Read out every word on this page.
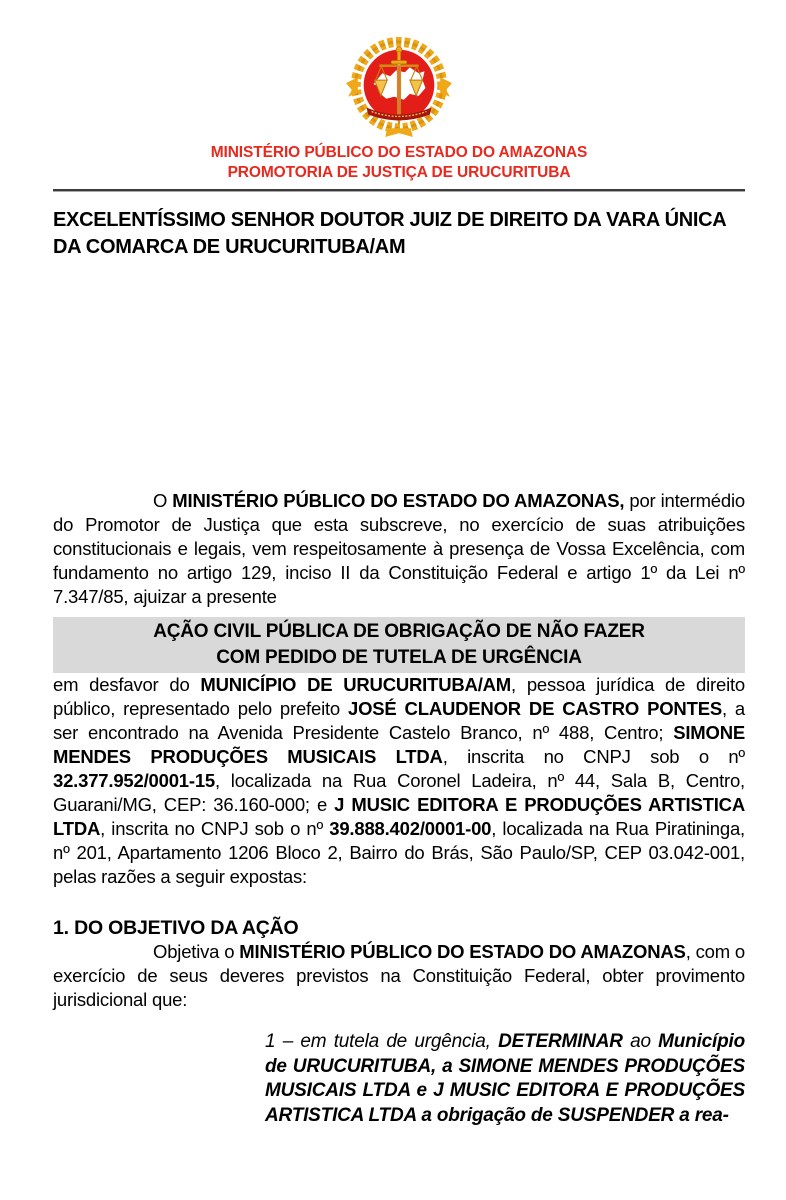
MINISTÉRIO PÚBLICO DO ESTADO DO AMAZONAS
PROMOTORIA DE JUSTIÇA DE URUCURITUBA
EXCELENTÍSSIMO SENHOR DOUTOR JUIZ DE DIREITO DA VARA ÚNICA DA COMARCA DE URUCURITUBA/AM

O MINISTÉRIO PÚBLICO DO ESTADO DO AMAZONAS, por intermédio do Promotor de Justiça que esta subscreve, no exercício de suas atribuições constitucionais e legais, vem respeitosamente à presença de Vossa Excelência, com fundamento no artigo 129, inciso II da Constituição Federal e artigo 1º da Lei nº 7.347/85, ajuizar a presente

AÇÃO CIVIL PÚBLICA DE OBRIGAÇÃO DE NÃO FAZER
COM PEDIDO DE TUTELA DE URGÊNCIA

em desfavor do MUNICÍPIO DE URUCURITUBA/AM, pessoa jurídica de direito público, representado pelo prefeito JOSÉ CLAUDENOR DE CASTRO PONTES, a ser encontrado na Avenida Presidente Castelo Branco, nº 488, Centro; SIMONE MENDES PRODUÇÕES MUSICAIS LTDA, inscrita no CNPJ sob o nº 32.377.952/0001-15, localizada na Rua Coronel Ladeira, nº 44, Sala B, Centro, Guarani/MG, CEP: 36.160-000; e J MUSIC EDITORA E PRODUÇÕES ARTISTICA LTDA, inscrita no CNPJ sob o nº 39.888.402/0001-00, localizada na Rua Piratininga, nº 201, Apartamento 1206 Bloco 2, Bairro do Brás, São Paulo/SP, CEP 03.042-001, pelas razões a seguir expostas:

1. DO OBJETIVO DA AÇÃO

Objetiva o MINISTÉRIO PÚBLICO DO ESTADO DO AMAZONAS, com o exercício de seus deveres previstos na Constituição Federal, obter provimento jurisdicional que:

1 – em tutela de urgência, DETERMINAR ao Município de URUCURITUBA, a SIMONE MENDES PRODUÇÕES MUSICAIS LTDA e J MUSIC EDITORA E PRODUÇÕES ARTISTICA LTDA a obrigação de SUSPENDER a rea-
